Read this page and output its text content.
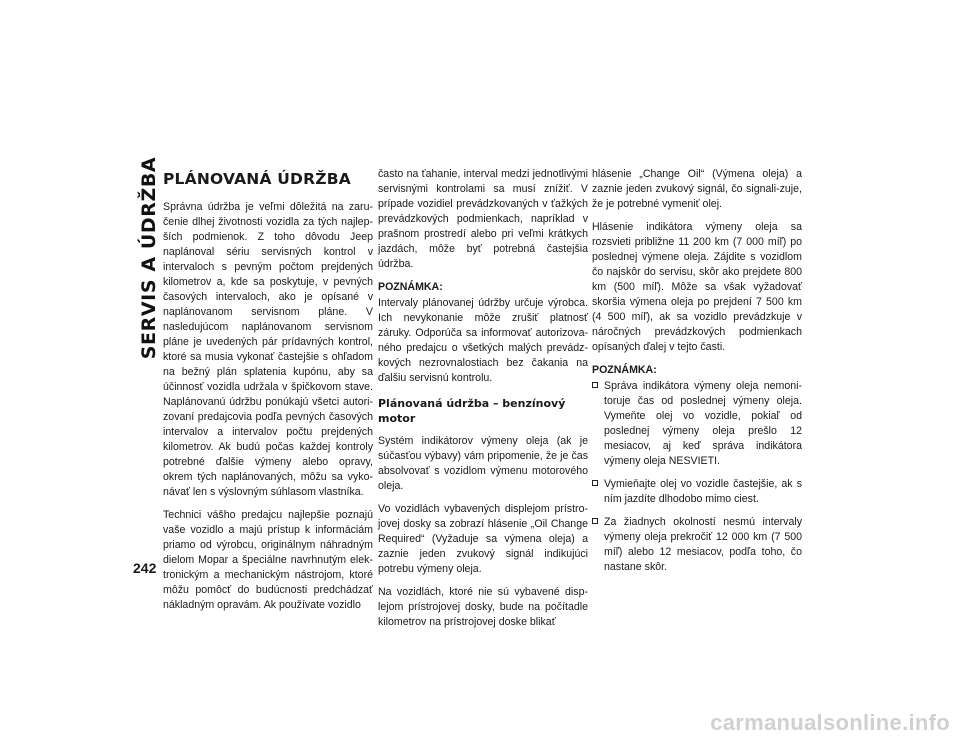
SERVIS A ÚDRŽBA
242
PLÁNOVANÁ ÚDRŽBA

Správna údržba je veľmi dôležitá na zaru-čenie dlhej životnosti vozidla za tých najlep-ších podmienok. Z toho dôvodu Jeep naplánoval sériu servisných kontrol v intervaloch s pevným počtom prejdených kilometrov a, kde sa poskytuje, v pevných časových intervaloch, ako je opísané v naplánovanom servisnom pláne. V nasledujúcom naplánovanom servisnom pláne je uvedených pár prídavných kontrol, ktoré sa musia vykonať častejšie s ohľadom na bežný plán splatenia kupónu, aby sa účinnosť vozidla udržala v špičkovom stave. Naplánovanú údržbu ponúkajú všetci autori-zovaní predajcovia podľa pevných časových intervalov a intervalov počtu prejdených kilometrov. Ak budú počas každej kontroly potrebné ďalšie výmeny alebo opravy, okrem tých naplánovaných, môžu sa vyko-návať len s výslovným súhlasom vlastníka.

Technici vášho predajcu najlepšie poznajú vaše vozidlo a majú prístup k informáciám priamo od výrobcu, originálnym náhradným dielom Mopar a špeciálne navrhnutým elek-tronickým a mechanickým nástrojom, ktoré môžu pomôcť do budúcnosti predchádzať nákladným opravám. Ak používate vozidlo

často na ťahanie, interval medzi jednotlivými servisnými kontrolami sa musí znížiť. V prípade vozidiel prevádzkovaných v ťažkých prevádzkových podmienkach, napríklad v prašnom prostredí alebo pri veľmi krátkych jazdách, môže byť potrebná častejšia údržba.

POZNÁMKA:

Intervaly plánovanej údržby určuje výrobca. Ich nevykonanie môže zrušiť platnosť záruky. Odporúča sa informovať autorizova-ného predajcu o všetkých malých prevádz-kových nezrovnalostiach bez čakania na ďalšiu servisnú kontrolu.

Plánovaná údržba – benzínový motor

Systém indikátorov výmeny oleja (ak je súčasťou výbavy) vám pripomenie, že je čas absolvovať s vozidlom výmenu motorového oleja.

Vo vozidlách vybavených displejom prístro-jovej dosky sa zobrazí hlásenie „Oil Change Required“ (Vyžaduje sa výmena oleja) a zaznie jeden zvukový signál indikujúci potrebu výmeny oleja.

Na vozidlách, ktoré nie sú vybavené disp-lejom prístrojovej dosky, bude na počítadle kilometrov na prístrojovej doske blikať

hlásenie „Change Oil“ (Výmena oleja) a zaznie jeden zvukový signál, čo signali-zuje, že je potrebné vymeniť olej.

Hlásenie indikátora výmeny oleja sa rozsvieti približne 11 200 km (7 000 míľ) po poslednej výmene oleja. Zájdite s vozidlom čo najskôr do servisu, skôr ako prejdete 800 km (500 míľ). Môže sa však vyžadovať skoršia výmena oleja po prejdení 7 500 km (4 500 míľ), ak sa vozidlo prevádzkuje v náročných prevádzkových podmienkach opísaných ďalej v tejto časti.

POZNÁMKA:
Správa indikátora výmeny oleja nemoni-toruje čas od poslednej výmeny oleja. Vymeňte olej vo vozidle, pokiaľ od poslednej výmeny oleja prešlo 12 mesiacov, aj keď správa indikátora výmeny oleja NESVIETI.
Vymieňajte olej vo vozidle častejšie, ak s ním jazdíte dlhodobo mimo ciest.
Za žiadnych okolností nesmú intervaly výmeny oleja prekročiť 12 000 km (7 500 míľ) alebo 12 mesiacov, podľa toho, čo nastane skôr.
carmanualsonline.info
